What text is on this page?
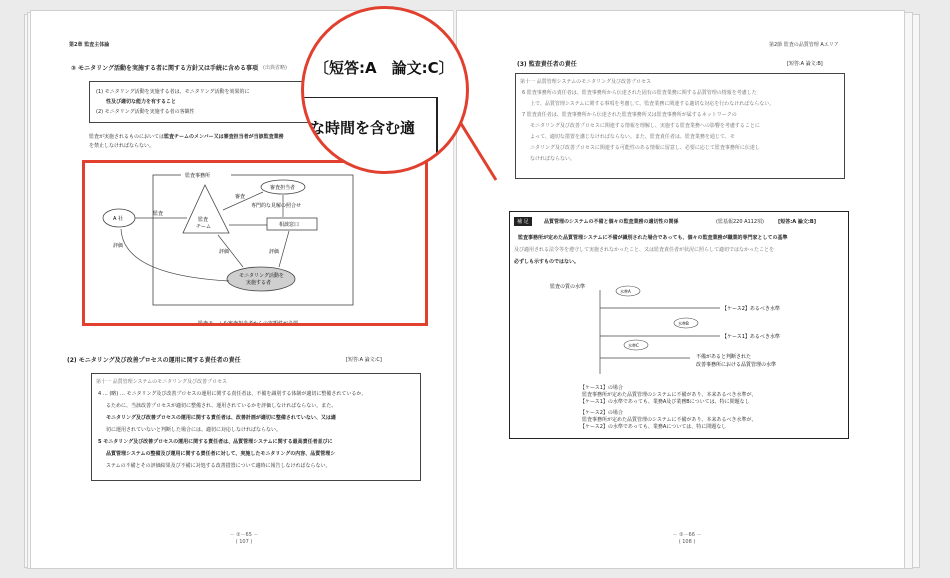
第2章 監査主体論
③ モニタリング活動を実施する者に関する方針又は手続に含める事項 (出典省略)
(1) モニタリング活動を実施する者は、モニタリング活動を効果的に
性及び適切な能力を有すること
(2) モニタリング活動を実施する者の客観性
監査が実施されるものにおいては監査チームのメンバー又は審査担当者が当該監査業務
を禁止しなければならない。
監査事務所
A 社	監査
チーム
審査担当者
相談窓口
専門的な見解の照合せ
モニタリング活動を
実施する者
監査
審査
評価	評価
評価
監査チームや審査担当者からの客観性が必要
(2) モニタリング及び改善プロセスの運用に関する責任者の責任	[短答:A 論文:C]
第十一 品質管理システムのモニタリング及び改善プロセス
4 … (略) … モニタリング及び改善プロセスの運用に関する責任者は、不備を識別する体制が適切に整備されているか、
るために、当該改善プロセスが適切に整備され、運用されているかを評価しなければならない。また、
モニタリング及び改善プロセスの運用に関する責任者は、改善計画が適切に整備されていない、又は適
切に運用されていないと判断した場合には、適切に対応しなければならない。
5 モニタリング及び改善プロセスの運用に関する責任者は、品質管理システムに関する最高責任者並びに
品質管理システムの整備及び運用に関する責任者に対して、実施したモニタリングの内容、品質管理シ
ステムの不備とその評価結果及び不備に対処する改善措置について適時に報告しなければならない。
－ ②－65 －
( 107 )
第2節 監査の品質管理 Aエリア
(3) 監査責任者の責任	[短答:A 論文:B]
第十一 品質管理システムのモニタリング及び改善プロセス
6 監査事務所の責任者は、監査事務所から伝達された固有の監査業務に関する品質管理の情報を考慮した
上で、品質管理システムに関する事項を考慮して、監査業務に関連する適切な対応を行わなければならない。
7 監査責任者は、監査事務所から伝達された監査事務所又は監査事務所が属するネットワークの
モニタリング及び改善プロセスに関連する情報を理解し、実施する監査業務への影響を考慮することに
よって、適切な措置を講じなければならない。また、監査責任者は、監査業務を通じて、モ
ニタリング及び改善プロセスに関連する可能性のある情報に留意し、必要に応じて監査事務所に伝達し
なければならない。
補 足	品質管理のシステムの不備と個々の監査業務の適切性の関係	(監基報220 A112項)	[短答:A 論文:B]
監査事務所が定めた品質管理システムに不備が識別された場合であっても、個々の監査業務が職業的専門家としての基準
及び適用される法令等を遵守して実施されなかったこと、又は監査責任者が状況に照らして適切ではなかったことを
必ずしも示すものではない。
監査の質の水準
水準A
【ケース2】あるべき水準
水準B
【ケース1】あるべき水準
水準C
不備があると判断された
改善事務所における品質管理の水準
【ケース1】の場合
監査事務所が定めた品質管理のシステムに不備があり、本来あるべき水準が、
【ケース1】の水準であっても、業務A及び業務Bについては、特に問題なし
【ケース2】の場合
監査事務所が定めた品質管理のシステムに不備があり、本来あるべき水準が、
【ケース2】の水準であっても、業務Aについては、特に問題なし
－ ②－66 －
( 108 )
〔短答:A　論文:C〕
な時間を含む適
